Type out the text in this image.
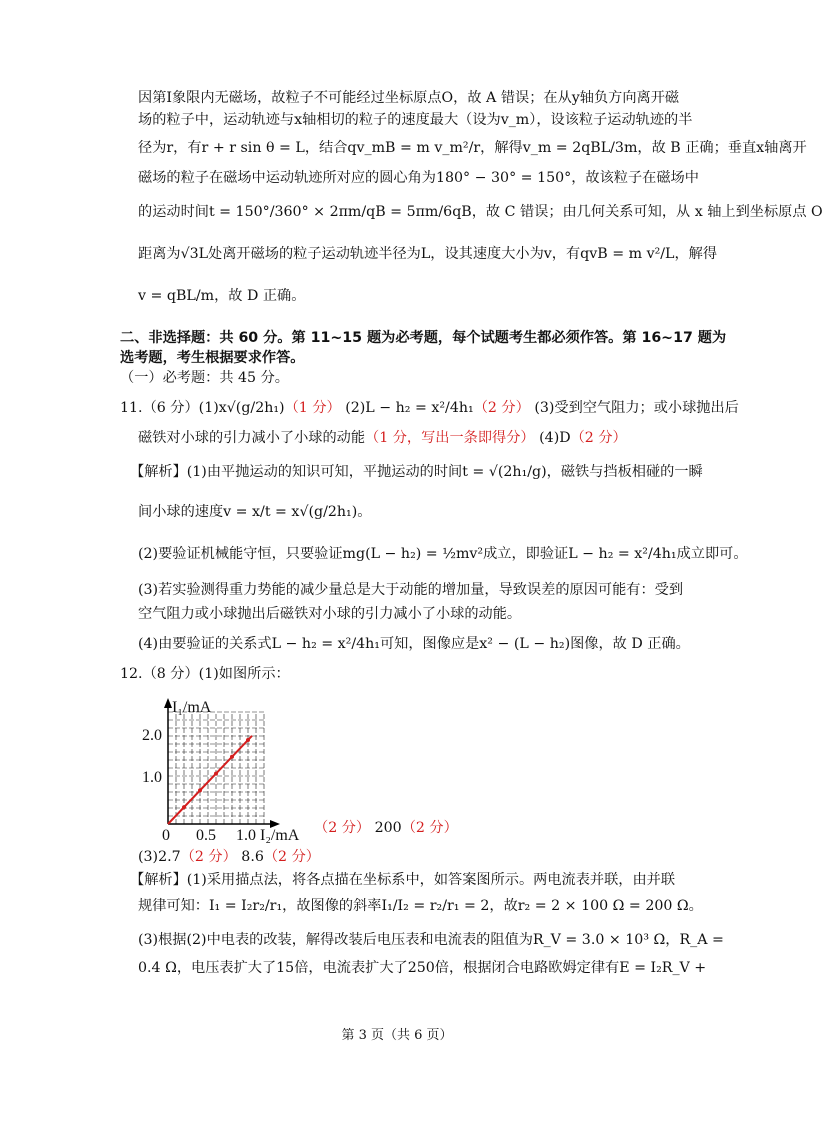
因第Ⅰ象限内无磁场，故粒子不可能经过坐标原点O，故 A 错误；在从y轴负方向离开磁
场的粒子中，运动轨迹与x轴相切的粒子的速度最大（设为v_m），设该粒子运动轨迹的半
径为r，有r + r sin θ = L，结合qv_mB = m v_m²/r，解得v_m = 2qBL/3m，故 B 正确；垂直x轴离开
磁场的粒子在磁场中运动轨迹所对应的圆心角为180° − 30° = 150°，故该粒子在磁场中
的运动时间t = 150°/360° × 2πm/qB = 5πm/6qB，故 C 错误；由几何关系可知，从 x 轴上到坐标原点 O
距离为√3L处离开磁场的粒子运动轨迹半径为L，设其速度大小为v，有qvB = m v²/L，解得
v = qBL/m，故 D 正确。
二、非选择题：共 60 分。第 11~15 题为必考题，每个试题考生都必须作答。第 16~17 题为
选考题，考生根据要求作答。
（一）必考题：共 45 分。
11.（6 分）(1)x√(g/2h₁)（1 分） (2)L − h₂ = x²/4h₁（2 分） (3)受到空气阻力；或小球抛出后
磁铁对小球的引力减小了小球的动能（1 分，写出一条即得分） (4)D（2 分）
【解析】(1)由平抛运动的知识可知，平抛运动的时间t = √(2h₁/g)，磁铁与挡板相碰的一瞬
间小球的速度v = x/t = x√(g/2h₁)。
(2)要验证机械能守恒，只要验证mg(L − h₂) = ½mv²成立，即验证L − h₂ = x²/4h₁成立即可。
(3)若实验测得重力势能的减少量总是大于动能的增加量，导致误差的原因可能有：受到
空气阻力或小球抛出后磁铁对小球的引力减小了小球的动能。
(4)由要验证的关系式L − h₂ = x²/4h₁可知，图像应是x² − (L − h₂)图像，故 D 正确。
12.（8 分）(1)如图所示：
（2 分） 200（2 分）
(3)2.7（2 分） 8.6（2 分）
【解析】(1)采用描点法，将各点描在坐标系中，如答案图所示。两电流表并联，由并联
规律可知：I₁ = I₂r₂/r₁，故图像的斜率I₁/I₂ = r₂/r₁ = 2，故r₂ = 2 × 100 Ω = 200 Ω。
(3)根据(2)中电表的改装，解得改装后电压表和电流表的阻值为R_V = 3.0 × 10³ Ω，R_A =
0.4 Ω，电压表扩大了15倍，电流表扩大了250倍，根据闭合电路欧姆定律有E = I₂R_V +
I₁/mA
2.0
1.0
0 0.5 1.0 I₂/mA
第 3 页（共 6 页）
